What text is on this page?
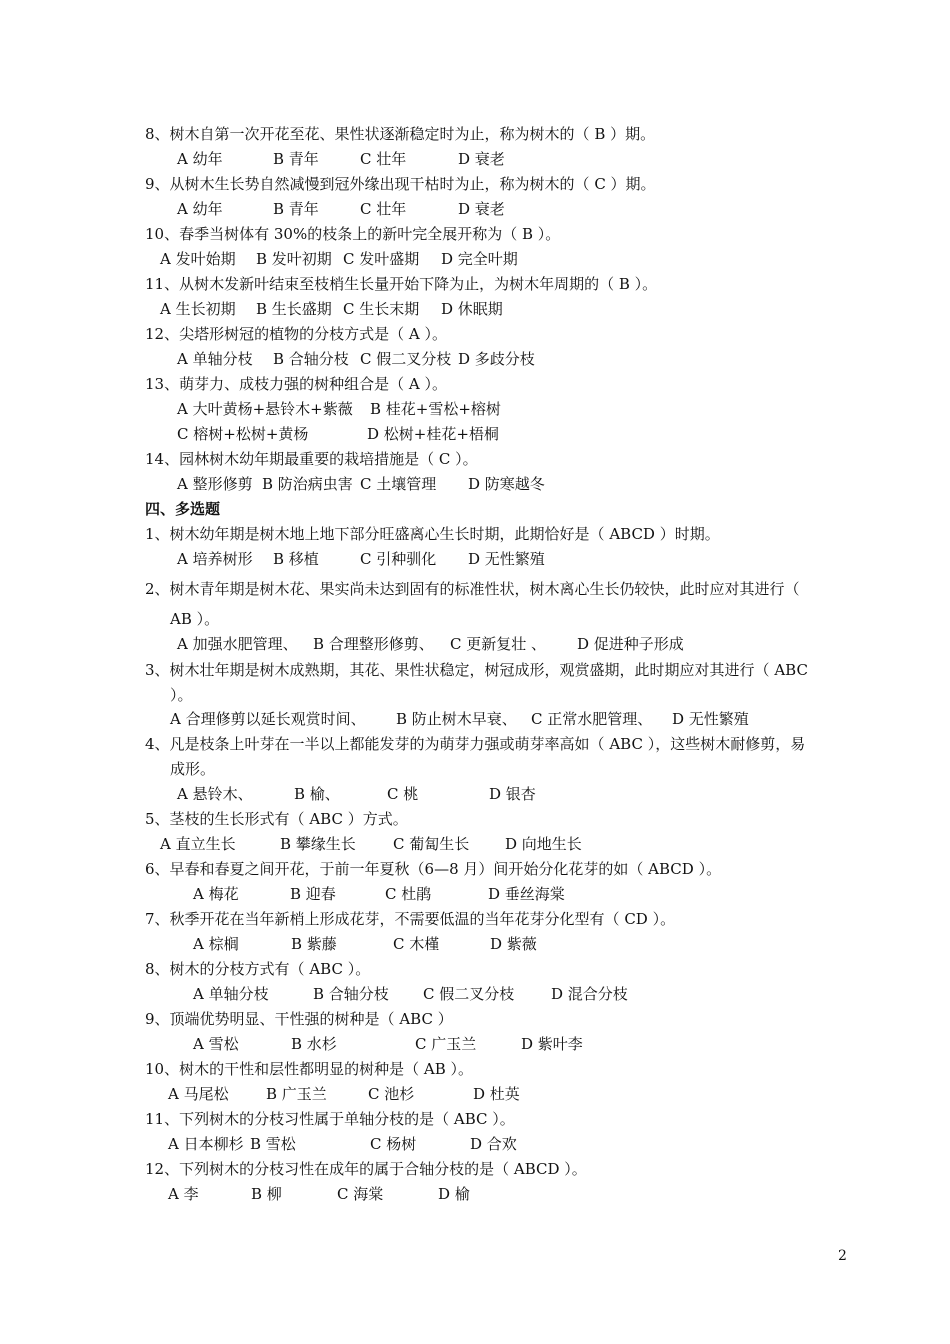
8、树木自第一次开花至花、果性状逐渐稳定时为止，称为树木的（ B ）期。
A 幼年	B 青年	C 壮年	D 衰老
9、从树木生长势自然减慢到冠外缘出现干枯时为止，称为树木的（ C ）期。
A 幼年	B 青年	C 壮年	D 衰老
10、春季当树体有 30%的枝条上的新叶完全展开称为（ B ）。
A 发叶始期 B 发叶初期 C 发叶盛期 D 完全叶期
11、从树木发新叶结束至枝梢生长量开始下降为止，为树木年周期的（ B ）。
A 生长初期 B 生长盛期 C 生长末期 D 休眠期
12、尖塔形树冠的植物的分枝方式是（ A ）。
A 单轴分枝 B 合轴分枝 C 假二叉分枝 D 多歧分枝
13、萌芽力、成枝力强的树种组合是（ A ）。
A 大叶黄杨+悬铃木+紫薇 B 桂花+雪松+榕树
C 榕树+松树+黄杨	D 松树+桂花+梧桐
14、园林树木幼年期最重要的栽培措施是（ C ）。
A 整形修剪 B 防治病虫害 C 土壤管理 D 防寒越冬
四、多选题
1、树木幼年期是树木地上地下部分旺盛离心生长时期，此期恰好是（ ABCD ）时期。
A 培养树形 B 移植	C 引种驯化 D 无性繁殖
2、树木青年期是树木花、果实尚未达到固有的标准性状，树木离心生长仍较快，此时应对其进行（
AB ）。
A 加强水肥管理、 B 合理整形修剪、 C 更新复壮 、 D 促进种子形成
3、树木壮年期是树木成熟期，其花、果性状稳定，树冠成形，观赏盛期，此时期应对其进行（ ABC
）。
A 合理修剪以延长观赏时间、 B 防止树木早衰、 C 正常水肥管理、 D 无性繁殖
4、凡是枝条上叶芽在一半以上都能发芽的为萌芽力强或萌芽率高如（ ABC ），这些树木耐修剪，易
成形。
A 悬铃木、	B 榆、	C 桃	D 银杏
5、茎枝的生长形式有（ ABC ）方式。
A 直立生长	B 攀缘生长 C 葡匐生长 D 向地生长
6、早春和春夏之间开花，于前一年夏秋（6—8 月）间开始分化花芽的如（ ABCD ）。
A 梅花	B 迎春	C 杜鹃	D 垂丝海棠
7、秋季开花在当年新梢上形成花芽，不需要低温的当年花芽分化型有（ CD ）。
A 棕榈	B 紫藤	C 木槿	D 紫薇
8、树木的分枝方式有（ ABC ）。
A 单轴分枝	B 合轴分枝 C 假二叉分枝 D 混合分枝
9、顶端优势明显、干性强的树种是（ ABC ）
A 雪松	B 水杉	C 广玉兰	D 紫叶李
10、树木的干性和层性都明显的树种是（ AB ）。
A 马尾松 B 广玉兰	C 池杉	D 杜英
11、下列树木的分枝习性属于单轴分枝的是（ ABC ）。
A 日本柳杉 B 雪松	C 杨树	D 合欢
12、下列树木的分枝习性在成年的属于合轴分枝的是（ ABCD ）。
A 李	B 柳	C 海棠	D 榆
2
